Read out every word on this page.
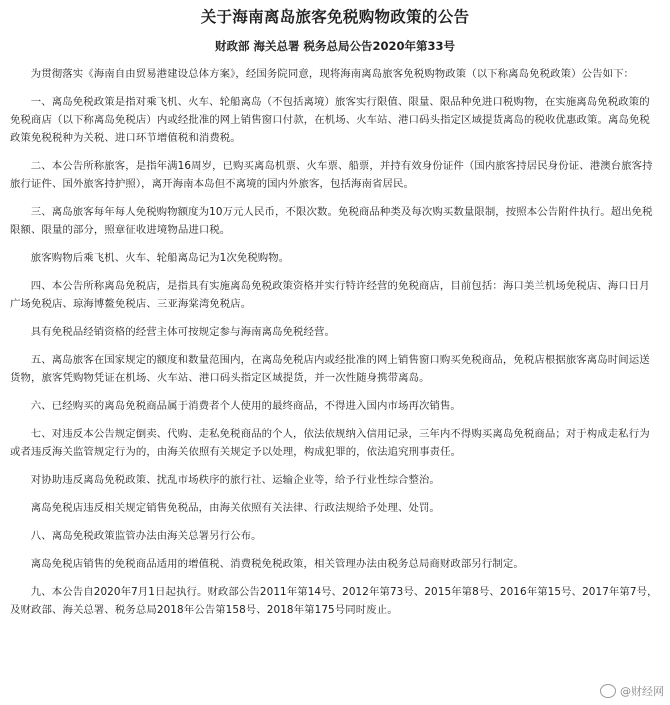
关于海南离岛旅客免税购物政策的公告
财政部 海关总署 税务总局公告2020年第33号

为贯彻落实《海南自由贸易港建设总体方案》，经国务院同意，现将海南离岛旅客免税购物政策（以下称离岛免税政策）公告如下：

一、离岛免税政策是指对乘飞机、火车、轮船离岛（不包括离境）旅客实行限值、限量、限品种免进口税购物，在实施离岛免税政策的免税商店（以下称离岛免税店）内或经批准的网上销售窗口付款，在机场、火车站、港口码头指定区域提货离岛的税收优惠政策。离岛免税政策免税税种为关税、进口环节增值税和消费税。

二、本公告所称旅客，是指年满16周岁，已购买离岛机票、火车票、船票，并持有效身份证件（国内旅客持居民身份证、港澳台旅客持旅行证件、国外旅客持护照），离开海南本岛但不离境的国内外旅客，包括海南省居民。

三、离岛旅客每年每人免税购物额度为10万元人民币，不限次数。免税商品种类及每次购买数量限制，按照本公告附件执行。超出免税限额、限量的部分，照章征收进境物品进口税。

旅客购物后乘飞机、火车、轮船离岛记为1次免税购物。

四、本公告所称离岛免税店，是指具有实施离岛免税政策资格并实行特许经营的免税商店，目前包括：海口美兰机场免税店、海口日月广场免税店、琼海博鳌免税店、三亚海棠湾免税店。

具有免税品经销资格的经营主体可按规定参与海南离岛免税经营。

五、离岛旅客在国家规定的额度和数量范围内，在离岛免税店内或经批准的网上销售窗口购买免税商品，免税店根据旅客离岛时间运送货物，旅客凭购物凭证在机场、火车站、港口码头指定区域提货，并一次性随身携带离岛。

六、已经购买的离岛免税商品属于消费者个人使用的最终商品，不得进入国内市场再次销售。

七、对违反本公告规定倒卖、代购、走私免税商品的个人，依法依规纳入信用记录，三年内不得购买离岛免税商品；对于构成走私行为或者违反海关监管规定行为的，由海关依照有关规定予以处理，构成犯罪的，依法追究刑事责任。

对协助违反离岛免税政策、扰乱市场秩序的旅行社、运输企业等，给予行业性综合整治。

离岛免税店违反相关规定销售免税品，由海关依照有关法律、行政法规给予处理、处罚。

八、离岛免税政策监管办法由海关总署另行公布。

离岛免税店销售的免税商品适用的增值税、消费税免税政策，相关管理办法由税务总局商财政部另行制定。

九、本公告自2020年7月1日起执行。财政部公告2011年第14号、2012年第73号、2015年第8号、2016年第15号、2017年第7号，及财政部、海关总署、税务总局2018年公告第158号、2018年第175号同时废止。

@财经网
